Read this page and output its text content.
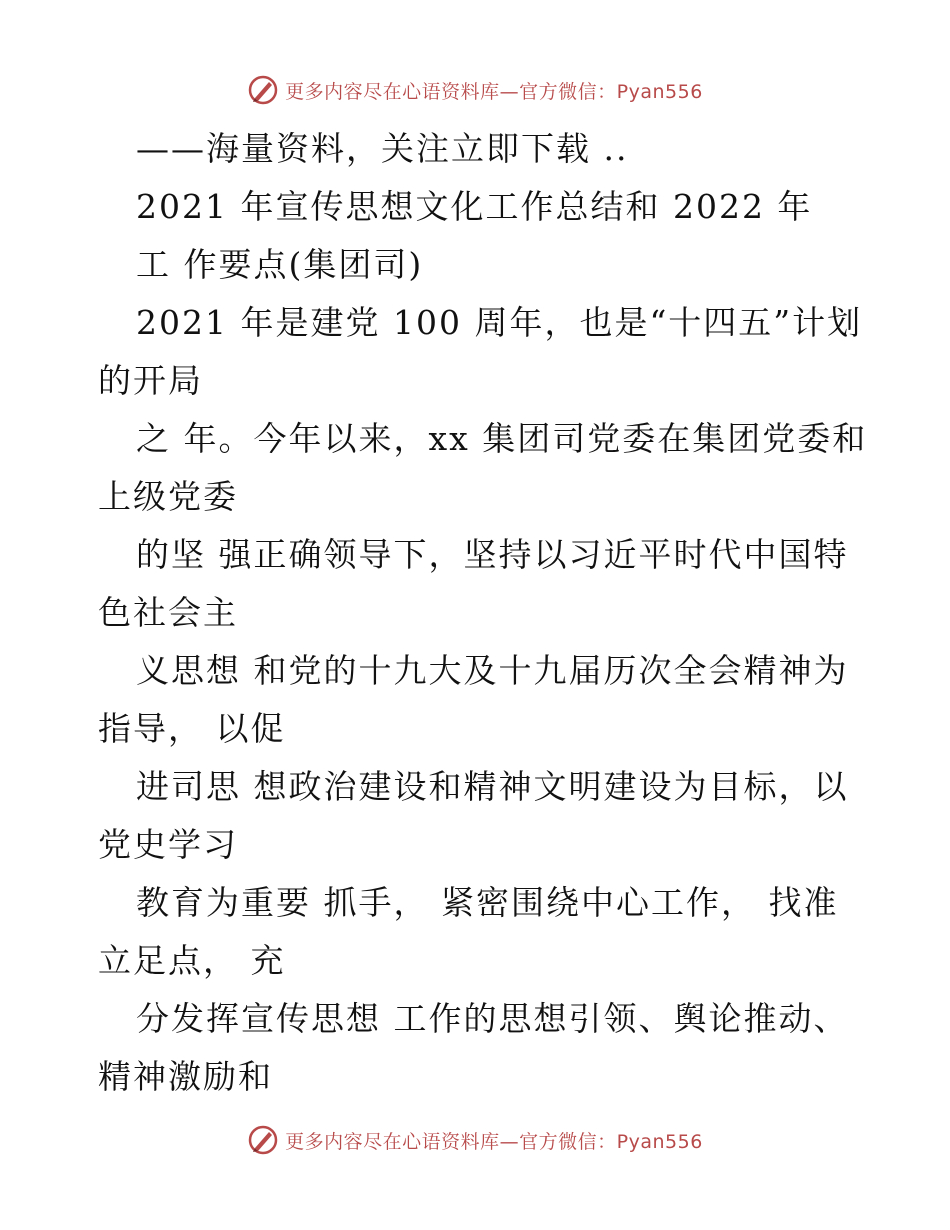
更多内容尽在心语资料库—官方微信：Pyan556
——海量资料，关注立即下载 ..
2021 年宣传思想文化工作总结和 2022 年
工 作要点(集团司)
2021 年是建党 100 周年，也是“十四五”计划
的开局
之 年。今年以来，xx 集团司党委在集团党委和
上级党委
的坚 强正确领导下，坚持以习近平时代中国特
色社会主
义思想 和党的十九大及十九届历次全会精神为
指导， 以促
进司思 想政治建设和精神文明建设为目标，以
党史学习
教育为重要 抓手， 紧密围绕中心工作， 找准
立足点， 充
分发挥宣传思想 工作的思想引领、舆论推动、
精神激励和
更多内容尽在心语资料库—官方微信：Pyan556
